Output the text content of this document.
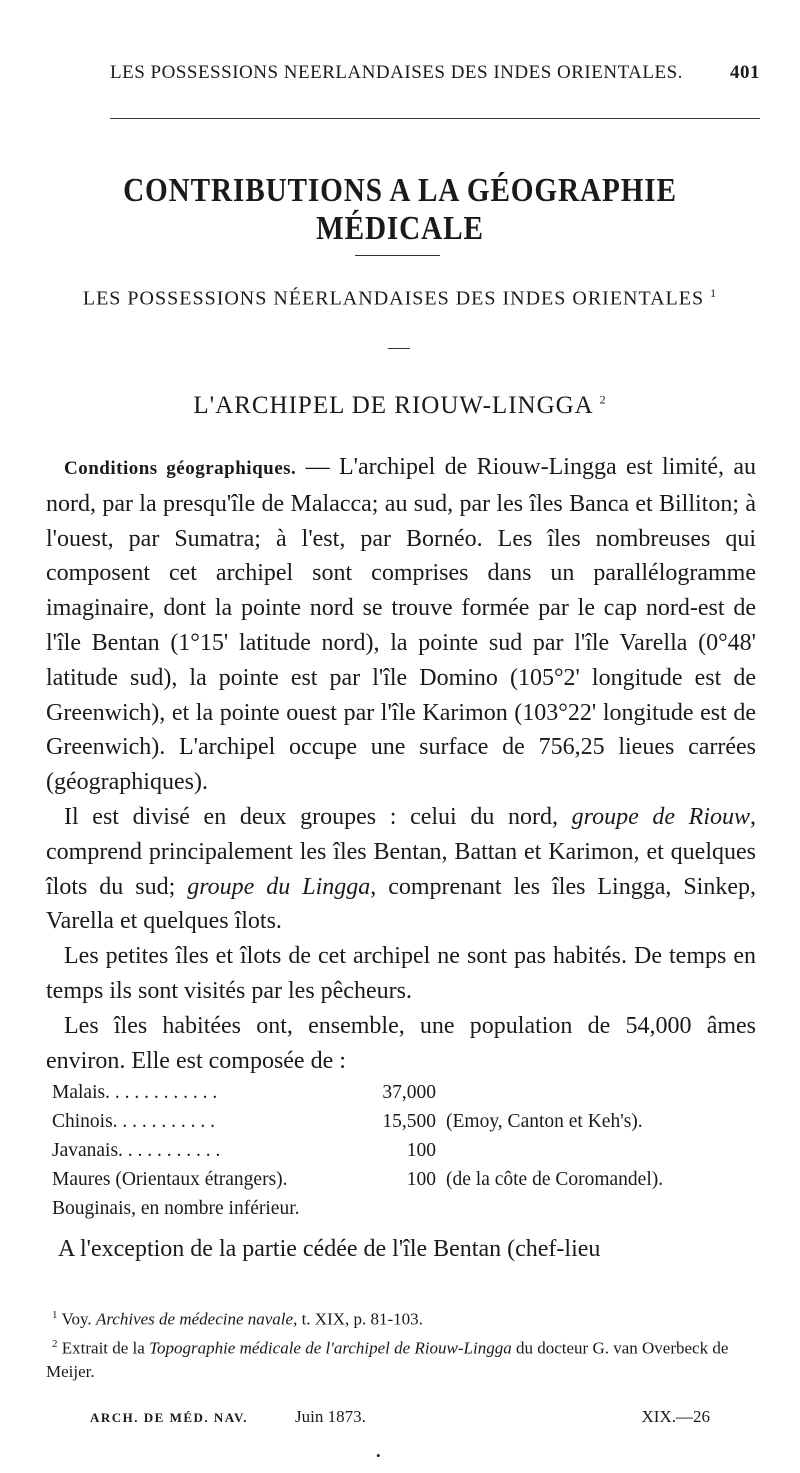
LES POSSESSIONS NEERLANDAISES DES INDES ORIENTALES. 401
CONTRIBUTIONS A LA GÉOGRAPHIE MÉDICALE
LES POSSESSIONS NÉERLANDAISES DES INDES ORIENTALES $^1$
L'ARCHIPEL DE RIOUW-LINGGA $^2$

Conditions géographiques. — L'archipel de Riouw-Lingga est limité, au nord, par la presqu'île de Malacca; au sud, par les îles Banca et Billiton; à l'ouest, par Sumatra; à l'est, par Bornéo. Les îles nombreuses qui composent cet archipel sont comprises dans un parallélogramme imaginaire, dont la pointe nord se trouve formée par le cap nord-est de l'île Bentan (1°15' latitude nord), la pointe sud par l'île Varella (0°48' latitude sud), la pointe est par l'île Domino (105°2' longitude est de Greenwich), et la pointe ouest par l'île Karimon (103°22' longitude est de Greenwich). L'archipel occupe une surface de 756,25 lieues carrées (géographiques).

Il est divisé en deux groupes : celui du nord, groupe de Riouw, comprend principalement les îles Bentan, Battan et Karimon, et quelques îlots du sud; groupe du Lingga, comprenant les îles Lingga, Sinkep, Varella et quelques îlots.

Les petites îles et îlots de cet archipel ne sont pas habités. De temps en temps ils sont visités par les pêcheurs.

Les îles habitées ont, ensemble, une population de 54,000 âmes environ. Elle est composée de :

Malais. . . . . . . . . . . .	37,000
Chinois. . . . . . . . . . .	15,500 (Emoy, Canton et Keh's).
Javanais. . . . . . . . . . .	100
Maures (Orientaux étrangers).	100 (de la côte de Coromandel).
Bouginais, en nombre inférieur.

A l'exception de la partie cédée de l'île Bentan (chef-lieu

$^1$ Voy. Archives de médecine navale, t. XIX, p. 81-103.

$^2$ Extrait de la Topographie médicale de l'archipel de Riouw-Lingga du docteur G. van Overbeck de Meijer.

ARCH. DE MÉD. NAV.	Juin 1873.	XIX.—26
•
